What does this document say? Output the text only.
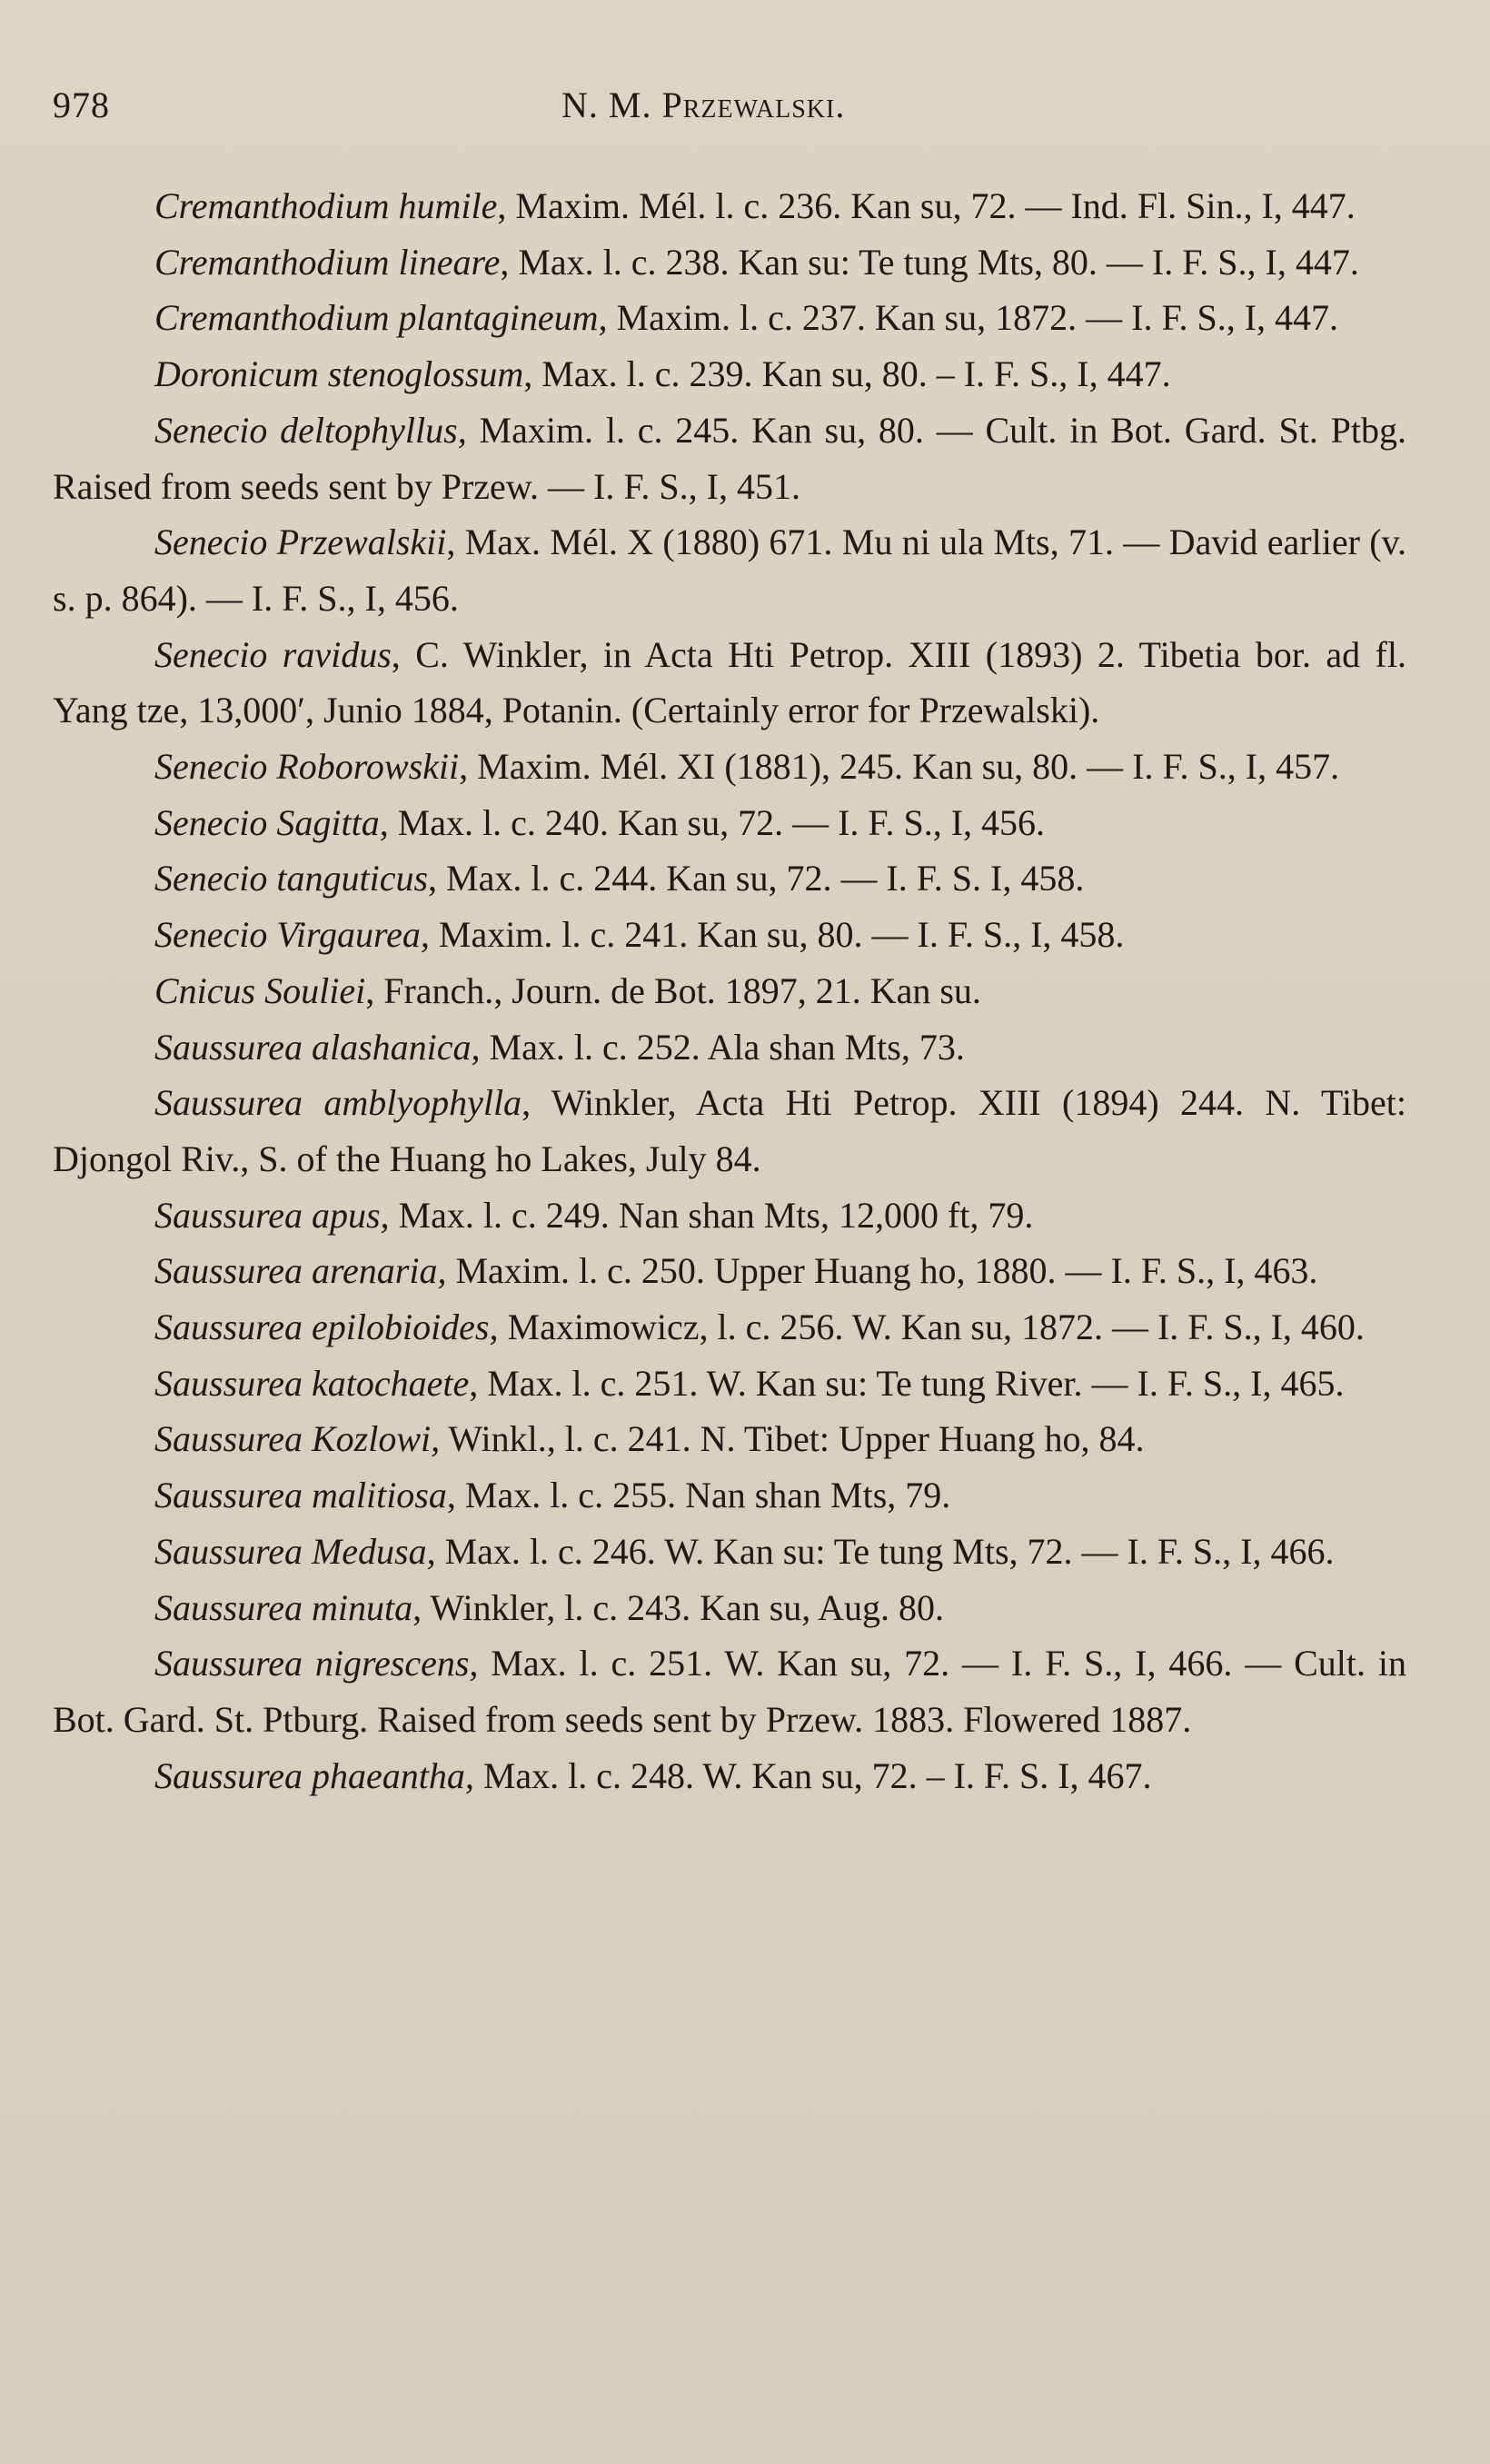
978	N. M. Przewalski.

Cremanthodium humile, Maxim. Mél. l. c. 236. Kan su, 72. — Ind. Fl. Sin., I, 447.

Cremanthodium lineare, Max. l. c. 238. Kan su: Te tung Mts, 80. — I. F. S., I, 447.

Cremanthodium plantagineum, Maxim. l. c. 237. Kan su, 1872. — I. F. S., I, 447.

Doronicum stenoglossum, Max. l. c. 239. Kan su, 80. – I. F. S., I, 447.

Senecio deltophyllus, Maxim. l. c. 245. Kan su, 80. — Cult. in Bot. Gard. St. Ptbg. Raised from seeds sent by Przew. — I. F. S., I, 451.

Senecio Przewalskii, Max. Mél. X (1880) 671. Mu ni ula Mts, 71. — David earlier (v. s. p. 864). — I. F. S., I, 456.

Senecio ravidus, C. Winkler, in Acta Hti Petrop. XIII (1893) 2. Tibetia bor. ad fl. Yang tze, 13,000′, Junio 1884, Potanin. (Certainly error for Przewalski).

Senecio Roborowskii, Maxim. Mél. XI (1881), 245. Kan su, 80. — I. F. S., I, 457.

Senecio Sagitta, Max. l. c. 240. Kan su, 72. — I. F. S., I, 456.

Senecio tanguticus, Max. l. c. 244. Kan su, 72. — I. F. S. I, 458.

Senecio Virgaurea, Maxim. l. c. 241. Kan su, 80. — I. F. S., I, 458.

Cnicus Souliei, Franch., Journ. de Bot. 1897, 21. Kan su.

Saussurea alashanica, Max. l. c. 252. Ala shan Mts, 73.

Saussurea amblyophylla, Winkler, Acta Hti Petrop. XIII (1894) 244. N. Tibet: Djongol Riv., S. of the Huang ho Lakes, July 84.

Saussurea apus, Max. l. c. 249. Nan shan Mts, 12,000 ft, 79.

Saussurea arenaria, Maxim. l. c. 250. Upper Huang ho, 1880. — I. F. S., I, 463.

Saussurea epilobioides, Maximowicz, l. c. 256. W. Kan su, 1872. — I. F. S., I, 460.

Saussurea katochaete, Max. l. c. 251. W. Kan su: Te tung River. — I. F. S., I, 465.

Saussurea Kozlowi, Winkl., l. c. 241. N. Tibet: Upper Huang ho, 84.

Saussurea malitiosa, Max. l. c. 255. Nan shan Mts, 79.

Saussurea Medusa, Max. l. c. 246. W. Kan su: Te tung Mts, 72. — I. F. S., I, 466.

Saussurea minuta, Winkler, l. c. 243. Kan su, Aug. 80.

Saussurea nigrescens, Max. l. c. 251. W. Kan su, 72. — I. F. S., I, 466. — Cult. in Bot. Gard. St. Ptburg. Raised from seeds sent by Przew. 1883. Flowered 1887.

Saussurea phaeantha, Max. l. c. 248. W. Kan su, 72. – I. F. S. I, 467.
